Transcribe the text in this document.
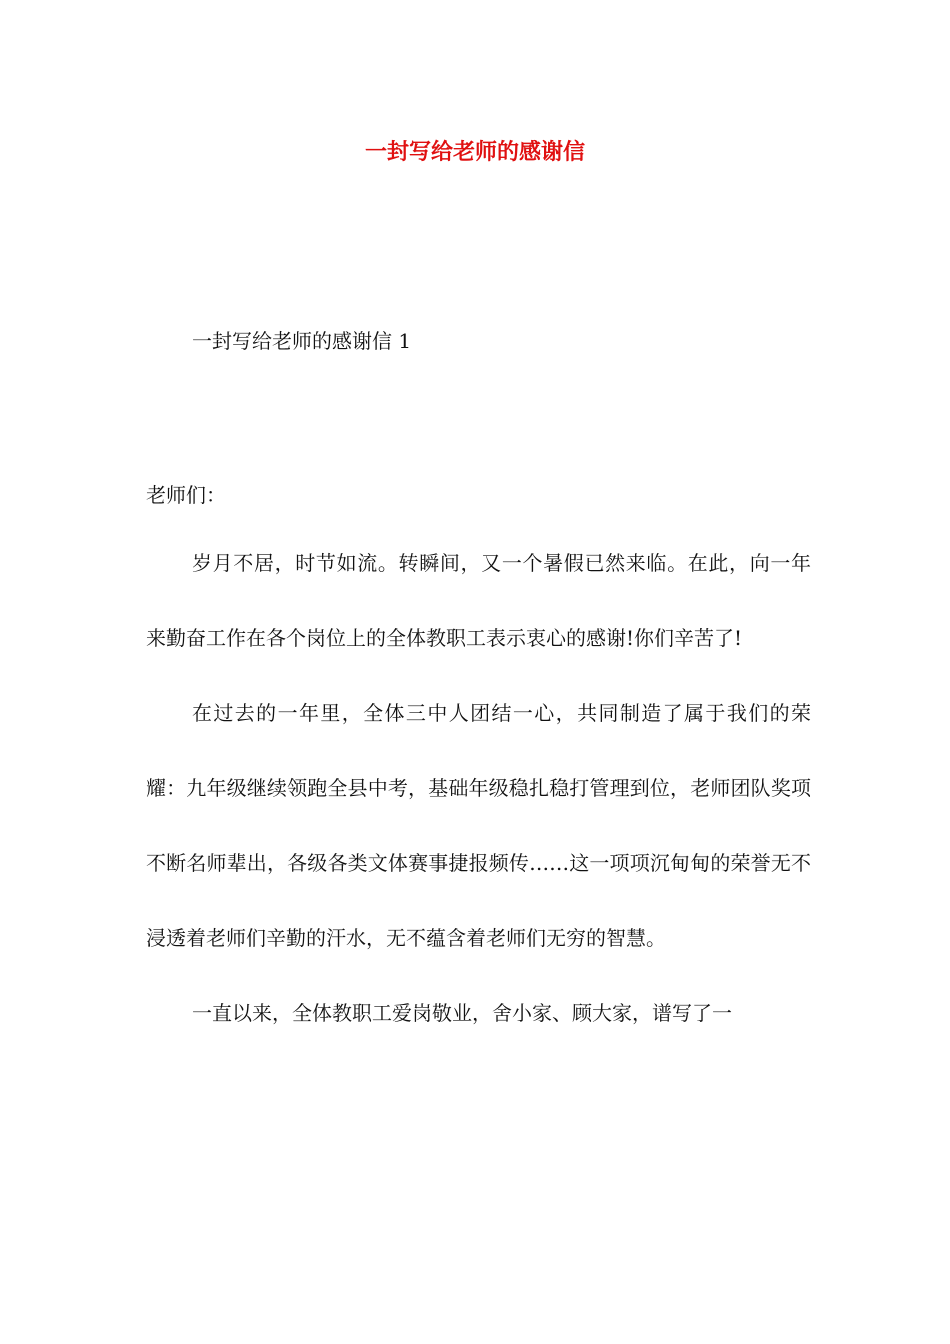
一封写给老师的感谢信
一封写给老师的感谢信 1
老师们：

岁月不居，时节如流。转瞬间，又一个暑假已然来临。在此，向一年来勤奋工作在各个岗位上的全体教职工表示衷心的感谢!你们辛苦了!

在过去的一年里，全体三中人团结一心，共同制造了属于我们的荣耀：九年级继续领跑全县中考，基础年级稳扎稳打管理到位，老师团队奖项不断名师辈出，各级各类文体赛事捷报频传……这一项项沉甸甸的荣誉无不浸透着老师们辛勤的汗水，无不蕴含着老师们无穷的智慧。

一直以来，全体教职工爱岗敬业，舍小家、顾大家，谱写了一
